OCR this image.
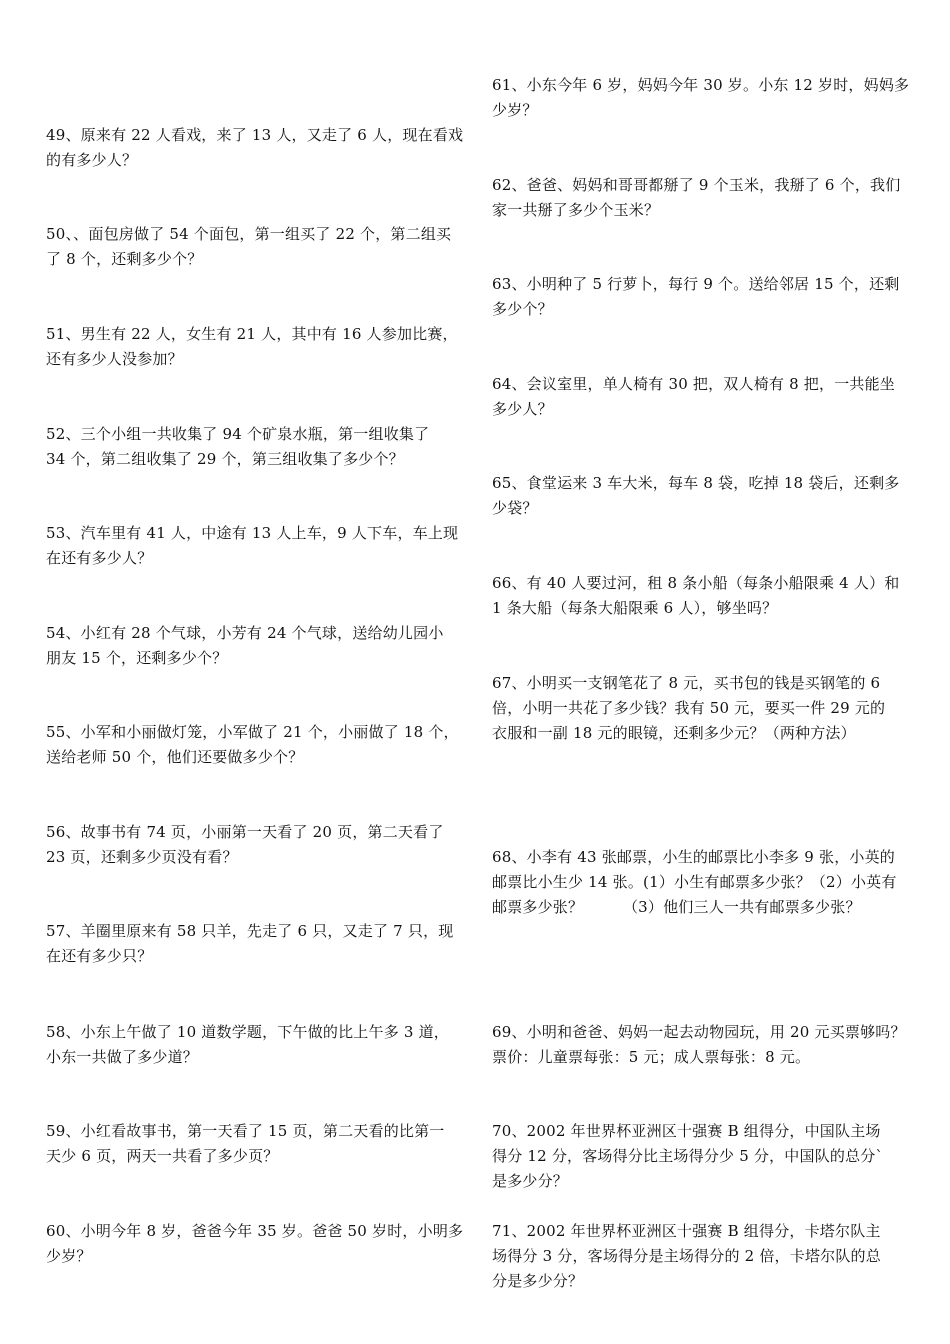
49、原来有 22 人看戏，来了 13 人，又走了 6 人，现在看戏
的有多少人？
50、、面包房做了 54 个面包，第一组买了 22 个，第二组买
了 8 个，还剩多少个？
51、男生有 22 人，女生有 21 人，其中有 16 人参加比赛，
还有多少人没参加？
52、三个小组一共收集了 94 个矿泉水瓶，第一组收集了
34 个，第二组收集了 29 个，第三组收集了多少个？
53、汽车里有 41 人，中途有 13 人上车，9 人下车，车上现
在还有多少人？
54、小红有 28 个气球，小芳有 24 个气球，送给幼儿园小
朋友 15 个，还剩多少个？
55、小军和小丽做灯笼，小军做了 21 个，小丽做了 18 个，
送给老师 50 个，他们还要做多少个？
56、故事书有 74 页，小丽第一天看了 20 页，第二天看了
23 页，还剩多少页没有看？
57、羊圈里原来有 58 只羊，先走了 6 只，又走了 7 只，现
在还有多少只？
58、小东上午做了 10 道数学题，下午做的比上午多 3 道，
小东一共做了多少道？
59、小红看故事书，第一天看了 15 页，第二天看的比第一
天少 6 页，两天一共看了多少页？
60、小明今年 8 岁，爸爸今年 35 岁。爸爸 50 岁时，小明多
少岁？
61、小东今年 6 岁，妈妈今年 30 岁。小东 12 岁时，妈妈多
少岁？
62、爸爸、妈妈和哥哥都掰了 9 个玉米，我掰了 6 个，我们
家一共掰了多少个玉米？
63、小明种了 5 行萝卜，每行 9 个。送给邻居 15 个，还剩
多少个？
64、会议室里，单人椅有 30 把，双人椅有 8 把，一共能坐
多少人？
65、食堂运来 3 车大米，每车 8 袋，吃掉 18 袋后，还剩多
少袋？
66、有 40 人要过河，租 8 条小船（每条小船限乘 4 人）和
1 条大船（每条大船限乘 6 人），够坐吗？
67、小明买一支钢笔花了 8 元，买书包的钱是买钢笔的 6
倍，小明一共花了多少钱？我有 50 元，要买一件 29 元的
衣服和一副 18 元的眼镜，还剩多少元？（两种方法）
68、小李有 43 张邮票，小生的邮票比小李多 9 张，小英的
邮票比小生少 14 张。(1）小生有邮票多少张？（2）小英有
邮票多少张？        （3）他们三人一共有邮票多少张？
69、小明和爸爸、妈妈一起去动物园玩，用 20 元买票够吗？
票价：儿童票每张：5 元；成人票每张：8 元。
70、2002 年世界杯亚洲区十强赛 B 组得分，中国队主场
得分 12 分，客场得分比主场得分少 5 分，中国队的总分`
是多少分？
71、2002 年世界杯亚洲区十强赛 B 组得分，卡塔尔队主
场得分 3 分，客场得分是主场得分的 2 倍，卡塔尔队的总
分是多少分？
